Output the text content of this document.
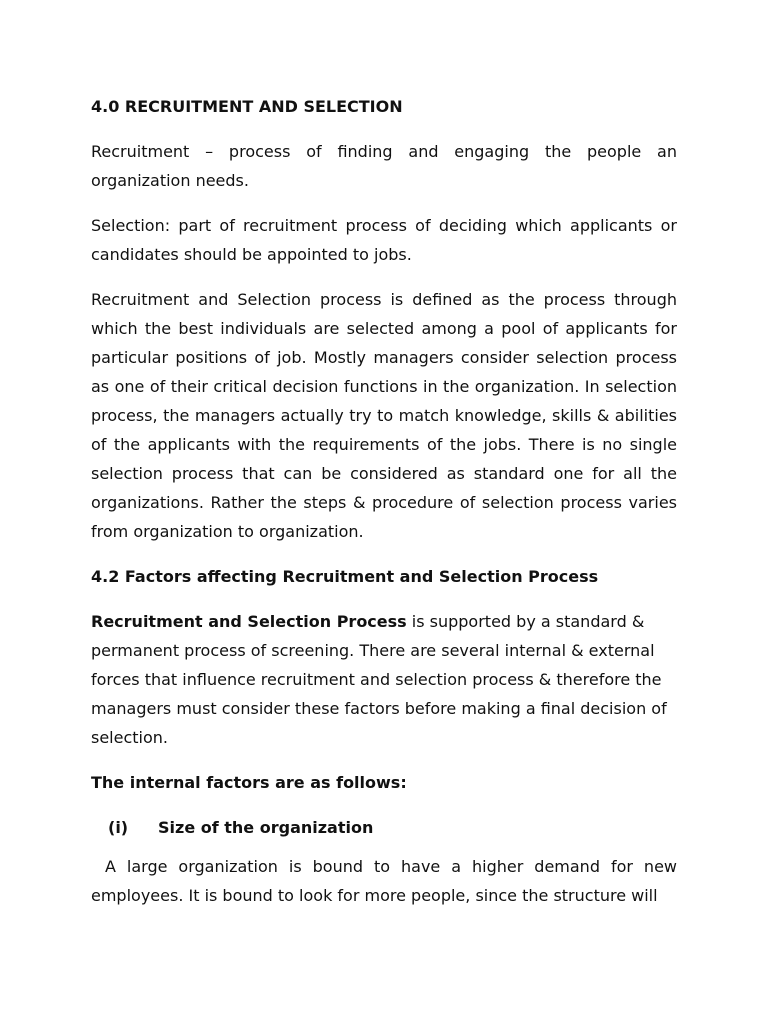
4.0 RECRUITMENT AND SELECTION

Recruitment – process of finding and engaging the people an organization needs.

Selection: part of recruitment process of deciding which applicants or candidates should be appointed to jobs.

Recruitment and Selection process is defined as the process through which the best individuals are selected among a pool of applicants for particular positions of job. Mostly managers consider selection process as one of their critical decision functions in the organization. In selection process, the managers actually try to match knowledge, skills & abilities of the applicants with the requirements of the jobs. There is no single selection process that can be considered as standard one for all the organizations. Rather the steps & procedure of selection process varies from organization to organization.

4.2 Factors affecting Recruitment and Selection Process

Recruitment and Selection Process is supported by a standard & permanent process of screening. There are several internal & external forces that influence recruitment and selection process & therefore the managers must consider these factors before making a final decision of selection.

The internal factors are as follows:
(i)	Size of the organization

A large organization is bound to have a higher demand for new employees. It is bound to look for more people, since the structure will
